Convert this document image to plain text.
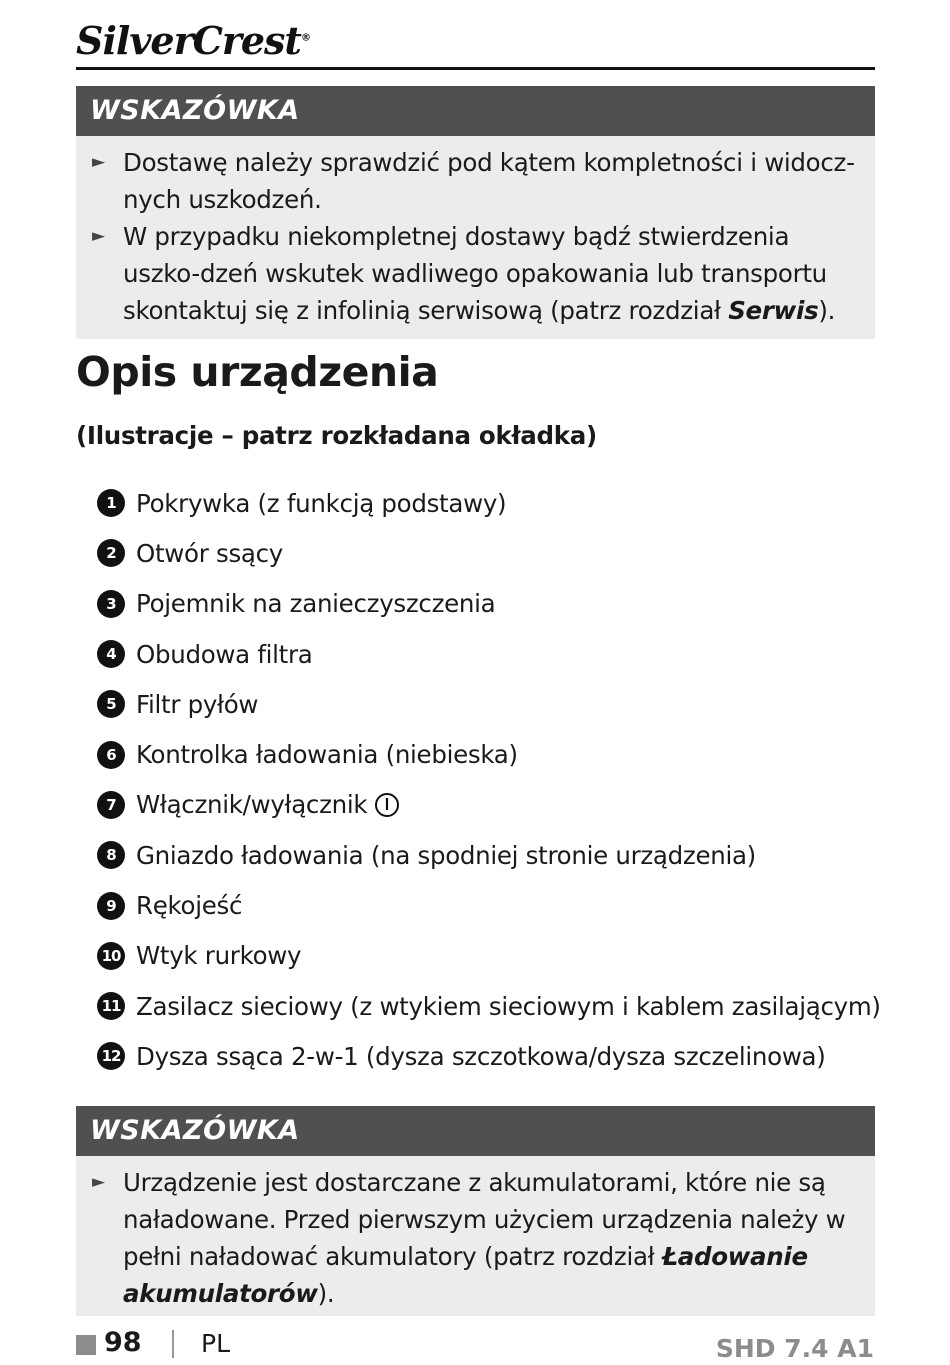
SilverCrest®
WSKAZÓWKA
► Dostawę należy sprawdzić pod kątem kompletności i widocz-nych uszkodzeń.
► W przypadku niekompletnej dostawy bądź stwierdzenia uszko-dzeń wskutek wadliwego opakowania lub transportu skontaktuj się z infolinią serwisową (patrz rozdział Serwis).
Opis urządzenia

(Ilustracje – patrz rozkładana okładka)

1 Pokrywka (z funkcją podstawy)
2 Otwór ssący
3 Pojemnik na zanieczyszczenia
4 Obudowa filtra
5 Filtr pyłów
6 Kontrolka ładowania (niebieska)
7 Włącznik/wyłącznik
8 Gniazdo ładowania (na spodniej stronie urządzenia)
9 Rękojeść
10 Wtyk rurkowy
11 Zasilacz sieciowy (z wtykiem sieciowym i kablem zasilającym)
12 Dysza ssąca 2-w-1 (dysza szczotkowa/dysza szczelinowa)
WSKAZÓWKA
► Urządzenie jest dostarczane z akumulatorami, które nie są naładowane. Przed pierwszym użyciem urządzenia należy w pełni naładować akumulatory (patrz rozdział Ładowanie akumulatorów).
98 PL	SHD 7.4 A1
